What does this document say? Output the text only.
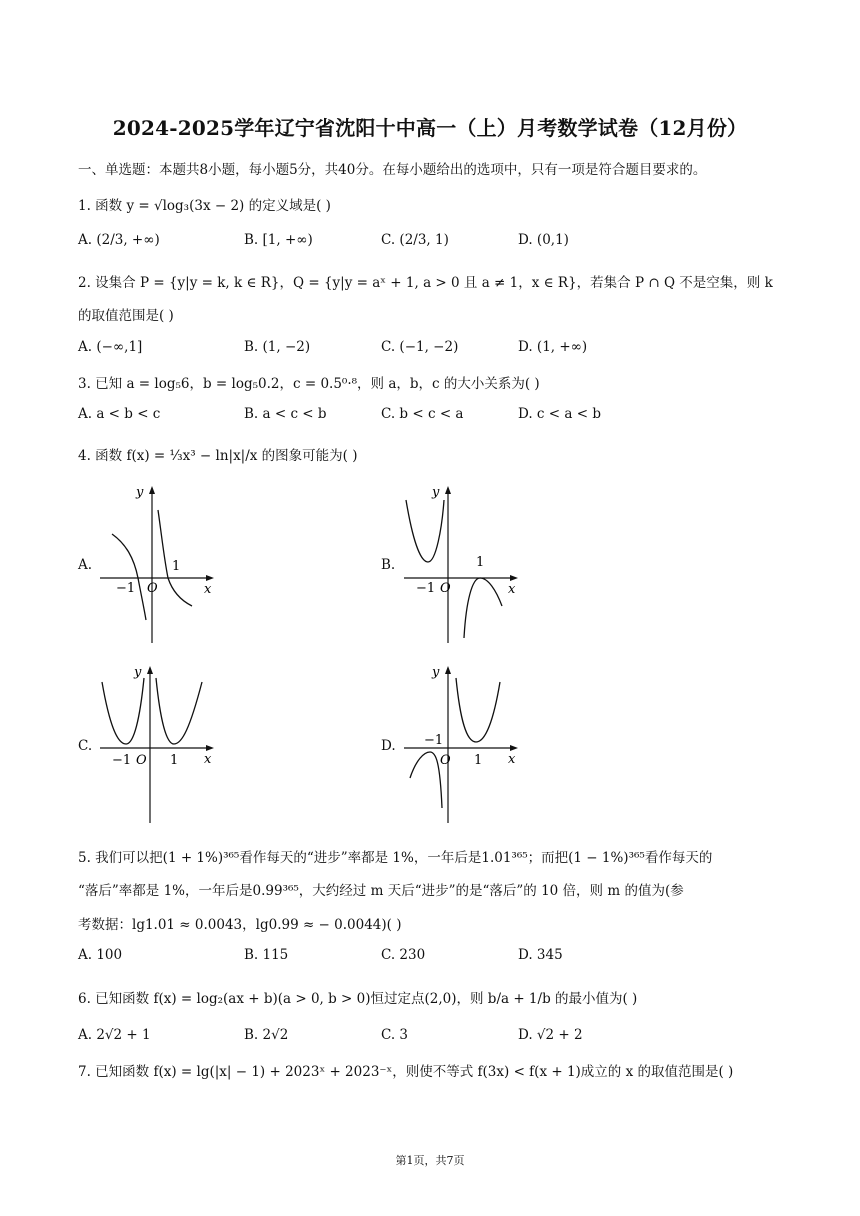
2024-2025学年辽宁省沈阳十中高一（上）月考数学试卷（12月份）
一、单选题：本题共8小题，每小题5分，共40分。在每小题给出的选项中，只有一项是符合题目要求的。
1. 函数 y = √log₃(3x − 2) 的定义域是( )
A. (2/3, +∞)	B. [1, +∞)	C. (2/3, 1)	D. (0,1)
2. 设集合 P = {y|y = k, k ∈ R}，Q = {y|y = aˣ + 1, a > 0 且 a ≠ 1，x ∈ R}，若集合 P ∩ Q 不是空集，则 k
的取值范围是( )
A. (−∞,1]	B. (1, −2)	C. (−1, −2)	D. (1, +∞)
3. 已知 a = log₅6，b = log₅0.2，c = 0.5⁰·⁸，则 a，b，c 的大小关系为( )
A. a < b < c	B. a < c < b	C. b < c < a	D. c < a < b
4. 函数 f(x) = ⅓x³ − ln|x|/x 的图象可能为( )
A.
y
x
O
−1
1	B.
y
x
O
−1
1
C.
y
x
O
−1	1
D.
y
x
O
−1
1
5. 我们可以把(1 + 1%)³⁶⁵看作每天的“进步”率都是 1%，一年后是1.01³⁶⁵；而把(1 − 1%)³⁶⁵看作每天的
“落后”率都是 1%，一年后是0.99³⁶⁵，大约经过 m 天后“进步”的是“落后”的 10 倍，则 m 的值为(参
考数据：lg1.01 ≈ 0.0043，lg0.99 ≈ − 0.0044)( )
A. 100	B. 115	C. 230	D. 345
6. 已知函数 f(x) = log₂(ax + b)(a > 0, b > 0)恒过定点(2,0)，则 b/a + 1/b 的最小值为( )
A. 2√2 + 1	B. 2√2	C. 3	D. √2 + 2
7. 已知函数 f(x) = lg(|x| − 1) + 2023ˣ + 2023⁻ˣ，则使不等式 f(3x) < f(x + 1)成立的 x 的取值范围是( )
第1页，共7页
